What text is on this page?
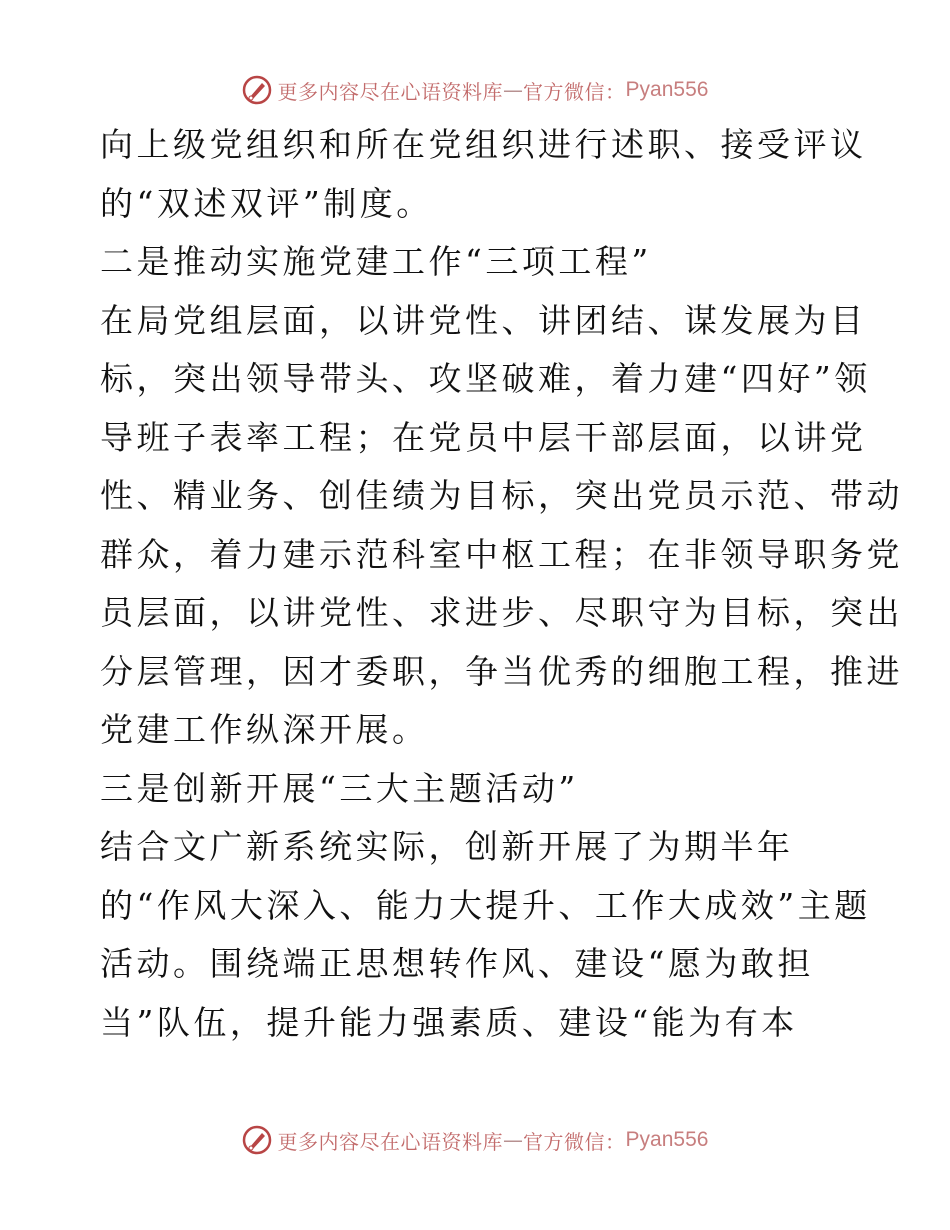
更多内容尽在心语资料库 — 官方微信： Pyan556
向上级党组织和所在党组织进行述职、接受评议
的“双述双评”制度。
二是推动实施党建工作“三项工程”
在局党组层面，以讲党性、讲团结、谋发展为目
标，突出领导带头、攻坚破难，着力建“四好”领
导班子表率工程；在党员中层干部层面，以讲党
性、精业务、创佳绩为目标，突出党员示范、带动
群众，着力建示范科室中枢工程；在非领导职务党
员层面，以讲党性、求进步、尽职守为目标，突出
分层管理，因才委职，争当优秀的细胞工程，推进
党建工作纵深开展。
三是创新开展“三大主题活动”
结合文广新系统实际，创新开展了为期半年
的“作风大深入、能力大提升、工作大成效”主题
活动。围绕端正思想转作风、建设“愿为敢担
当”队伍，提升能力强素质、建设“能为有本
更多内容尽在心语资料库 — 官方微信： Pyan556
